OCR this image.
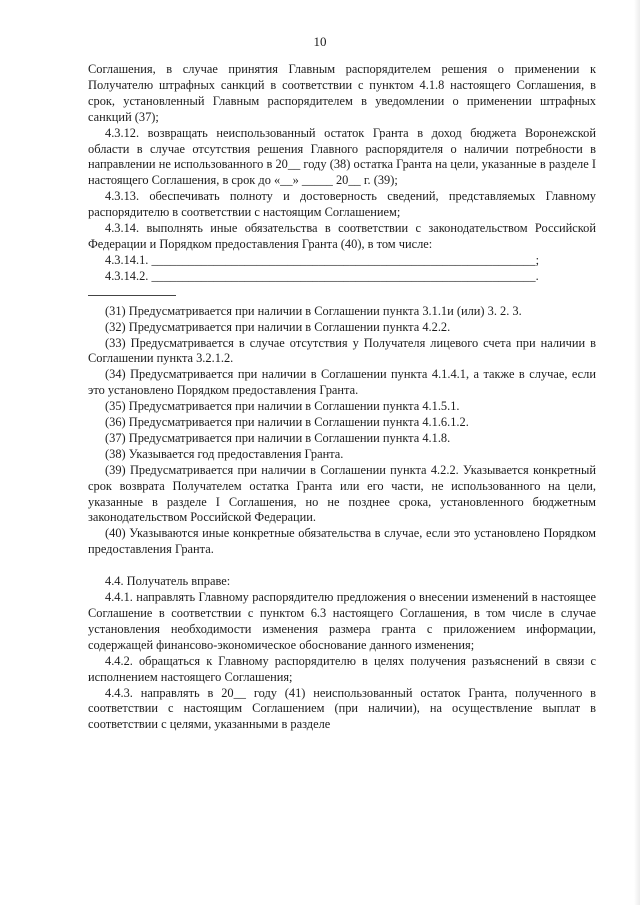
10

Соглашения, в случае принятия Главным распорядителем решения о применении к Получателю штрафных санкций в соответствии с пунктом 4.1.8 настоящего Соглашения, в срок, установленный Главным распорядителем в уведомлении о применении штрафных санкций (37);

4.3.12. возвращать неиспользованный остаток Гранта в доход бюджета Воронежской области в случае отсутствия решения Главного распорядителя о наличии потребности в направлении не использованного в 20__ году (38) остатка Гранта на цели, указанные в разделе I настоящего Соглашения, в срок до «__» _____ 20__ г. (39);

4.3.13. обеспечивать полноту и достоверность сведений, представляемых Главному распорядителю в соответствии с настоящим Соглашением;

4.3.14. выполнять иные обязательства в соответствии с законодательством Российской Федерации и Порядком предоставления Гранта (40), в том числе:

4.3.14.1. ______________________________________________________________;

4.3.14.2. ______________________________________________________________.

(31) Предусматривается при наличии в Соглашении пункта 3.1.1и (или) 3. 2. 3.

(32) Предусматривается при наличии в Соглашении пункта 4.2.2.

(33) Предусматривается в случае отсутствия у Получателя лицевого счета при наличии в Соглашении пункта 3.2.1.2.

(34) Предусматривается при наличии в Соглашении пункта 4.1.4.1, а также в случае, если это установлено Порядком предоставления Гранта.

(35) Предусматривается при наличии в Соглашении пункта 4.1.5.1.

(36) Предусматривается при наличии в Соглашении пункта 4.1.6.1.2.

(37) Предусматривается при наличии в Соглашении пункта 4.1.8.

(38) Указывается год предоставления Гранта.

(39) Предусматривается при наличии в Соглашении пункта 4.2.2. Указывается конкретный срок возврата Получателем остатка Гранта или его части, не использованного на цели, указанные в разделе I Соглашения, но не позднее срока, установленного бюджетным законодательством Российской Федерации.

(40) Указываются иные конкретные обязательства в случае, если это установлено Порядком предоставления Гранта.

4.4. Получатель вправе:

4.4.1. направлять Главному распорядителю предложения о внесении изменений в настоящее Соглашение в соответствии с пунктом 6.3 настоящего Соглашения, в том числе в случае установления необходимости изменения размера гранта с приложением информации, содержащей финансово-экономическое обоснование данного изменения;

4.4.2. обращаться к Главному распорядителю в целях получения разъяснений в связи с исполнением настоящего Соглашения;

4.4.3. направлять в 20__ году (41) неиспользованный остаток Гранта, полученного в соответствии с настоящим Соглашением (при наличии), на осуществление выплат в соответствии с целями, указанными в разделе
